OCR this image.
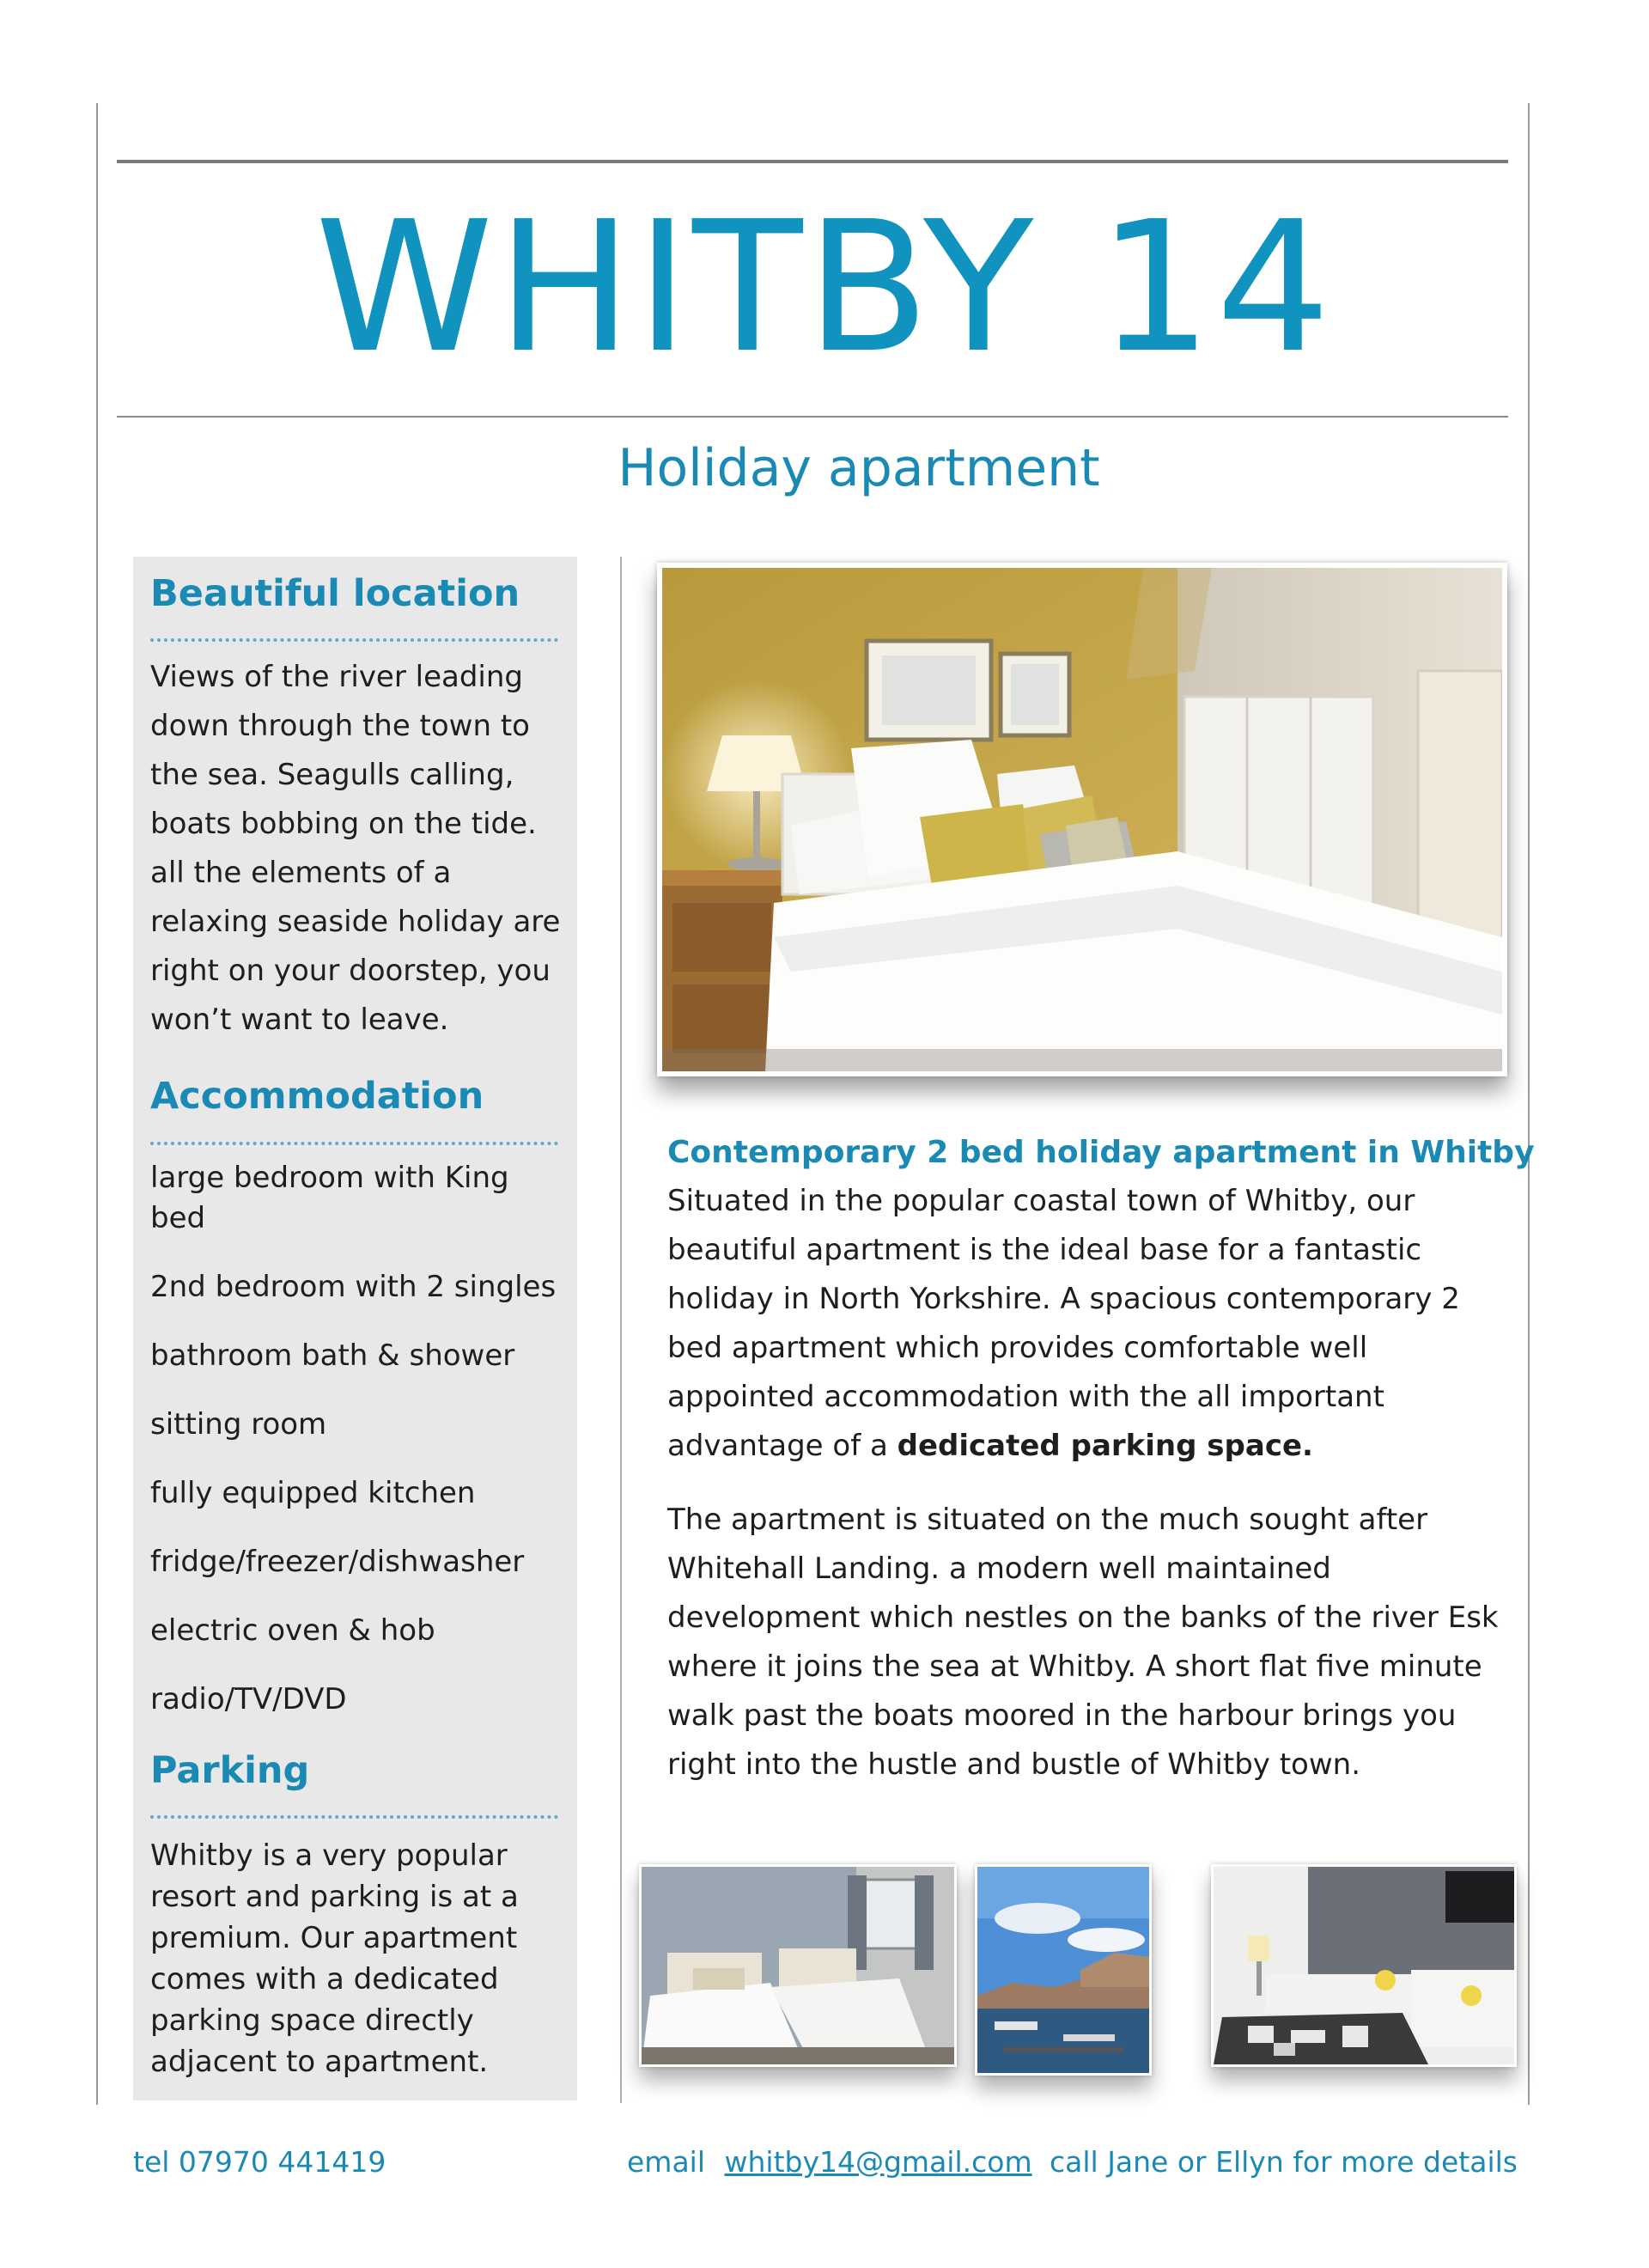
WHITBY 14
Holiday apartment
Beautiful location
Views of the river leading down through the town to the sea. Seagulls calling, boats bobbing on the tide. all the elements of a relaxing seaside holiday are right on your doorstep, you won’t want to leave.
Accommodation
large bedroom with King bed
2nd bedroom with 2 singles
bathroom bath & shower
sitting room
fully equipped kitchen
fridge/freezer/dishwasher
electric oven & hob
radio/TV/DVD
Parking
Whitby is a very popular resort and parking is at a premium. Our apartment comes with a dedicated parking space directly adjacent to apartment.
Contemporary 2 bed holiday apartment in Whitby
Situated in the popular coastal town of Whitby, our beautiful apartment is the ideal base for a fantastic holiday in North Yorkshire. A spacious contemporary 2 bed apartment which provides comfortable well appointed accommodation with the all important advantage of a dedicated parking space.
The apartment is situated on the much sought after Whitehall Landing. a modern well maintained development which nestles on the banks of the river Esk where it joins the sea at Whitby. A short flat five minute walk past the boats moored in the harbour brings you right into the hustle and bustle of Whitby town.
tel 07970 441419	email whitby14@gmail.com call Jane or Ellyn for more details
